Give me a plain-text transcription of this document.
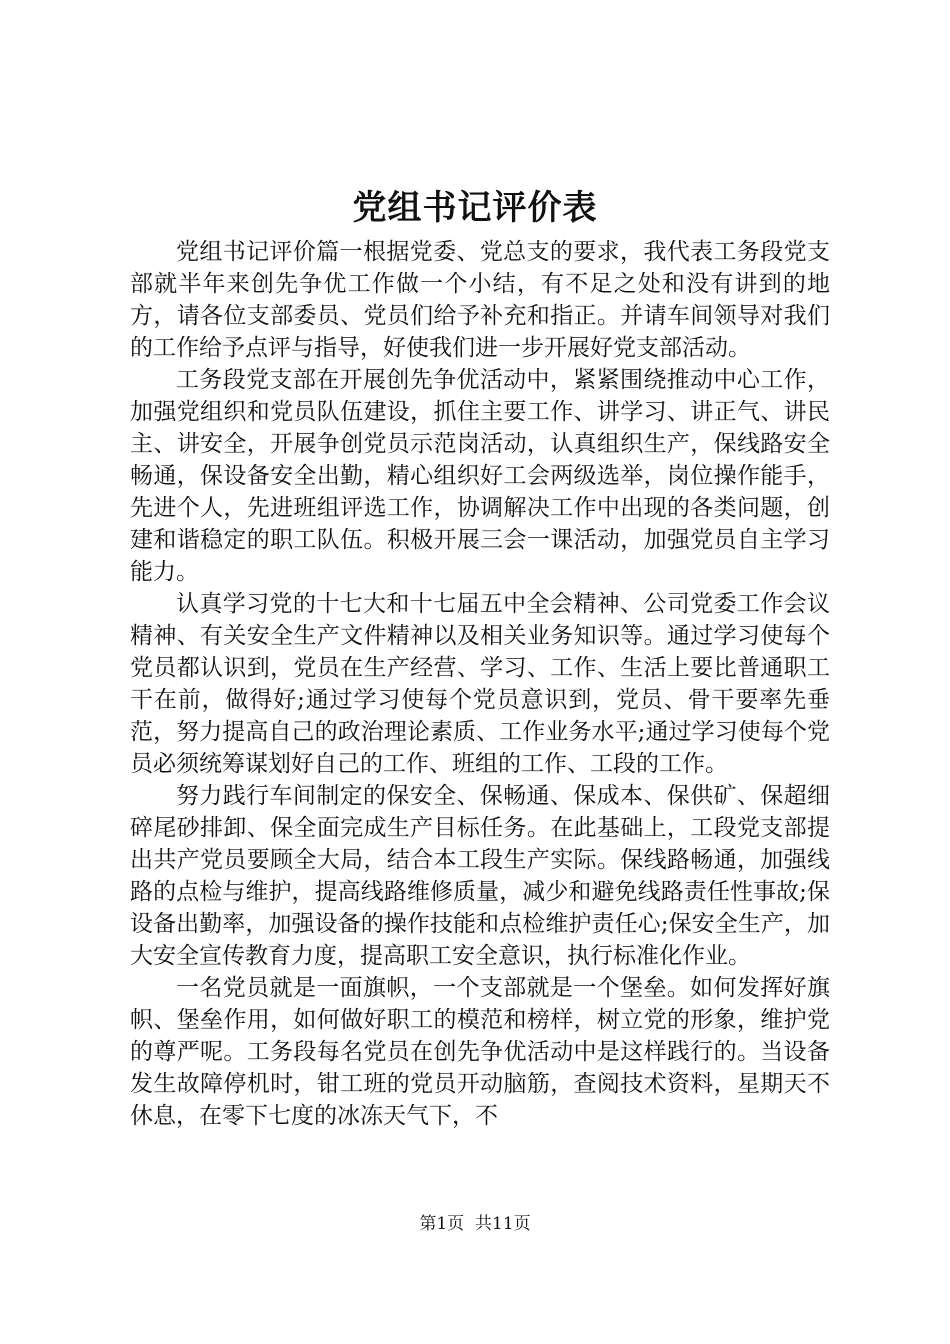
党组书记评价表

党组书记评价篇一根据党委、党总支的要求，我代表工务段党支部就半年来创先争优工作做一个小结，有不足之处和没有讲到的地方，请各位支部委员、党员们给予补充和指正。并请车间领导对我们的工作给予点评与指导，好使我们进一步开展好党支部活动。

工务段党支部在开展创先争优活动中，紧紧围绕推动中心工作，加强党组织和党员队伍建设，抓住主要工作、讲学习、讲正气、讲民主、讲安全，开展争创党员示范岗活动，认真组织生产，保线路安全畅通，保设备安全出勤，精心组织好工会两级选举，岗位操作能手，先进个人，先进班组评选工作，协调解决工作中出现的各类问题，创建和谐稳定的职工队伍。积极开展三会一课活动，加强党员自主学习能力。

认真学习党的十七大和十七届五中全会精神、公司党委工作会议精神、有关安全生产文件精神以及相关业务知识等。通过学习使每个党员都认识到，党员在生产经营、学习、工作、生活上要比普通职工干在前，做得好;通过学习使每个党员意识到，党员、骨干要率先垂范，努力提高自己的政治理论素质、工作业务水平;通过学习使每个党员必须统筹谋划好自己的工作、班组的工作、工段的工作。

努力践行车间制定的保安全、保畅通、保成本、保供矿、保超细碎尾砂排卸、保全面完成生产目标任务。在此基础上，工段党支部提出共产党员要顾全大局，结合本工段生产实际。保线路畅通，加强线路的点检与维护，提高线路维修质量，减少和避免线路责任性事故;保设备出勤率，加强设备的操作技能和点检维护责任心;保安全生产，加大安全宣传教育力度，提高职工安全意识，执行标准化作业。

一名党员就是一面旗帜，一个支部就是一个堡垒。如何发挥好旗帜、堡垒作用，如何做好职工的模范和榜样，树立党的形象，维护党的尊严呢。工务段每名党员在创先争优活动中是这样践行的。当设备发生故障停机时，钳工班的党员开动脑筋，查阅技术资料，星期天不休息，在零下七度的冰冻天气下，不

第1页 共11页
